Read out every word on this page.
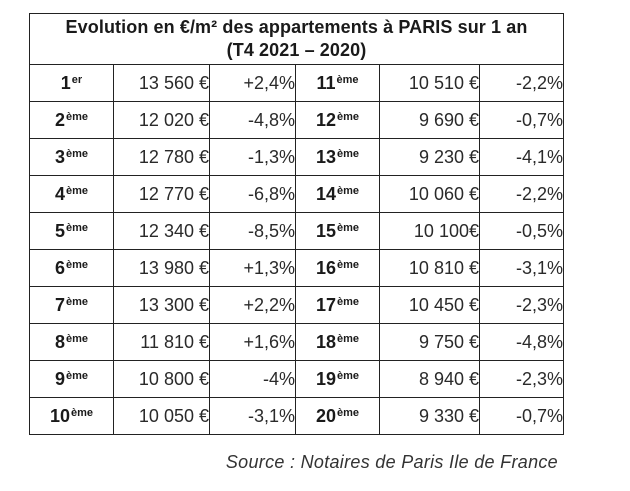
Evolution en €/m² des appartements à PARIS sur 1 an
(T4 2021 – 2020)					

1er	13 560 €	+2,4%	11ème	10 510 €	-2,2%
2ème	12 020 €	-4,8%	12ème	9 690 €	-0,7%
3ème	12 780 €	-1,3%	13ème	9 230 €	-4,1%
4ème	12 770 €	-6,8%	14ème	10 060 €	-2,2%
5ème	12 340 €	-8,5%	15ème	10 100€	-0,5%
6ème	13 980 €	+1,3%	16ème	10 810 €	-3,1%
7ème	13 300 €	+2,2%	17ème	10 450 €	-2,3%
8ème	11 810 €	+1,6%	18ème	9 750 €	-4,8%
9ème	10 800 €	-4%	19ème	8 940 €	-2,3%
10ème	10 050 €	-3,1%	20ème	9 330 €	-0,7%
Source : Notaires de Paris Ile de France
